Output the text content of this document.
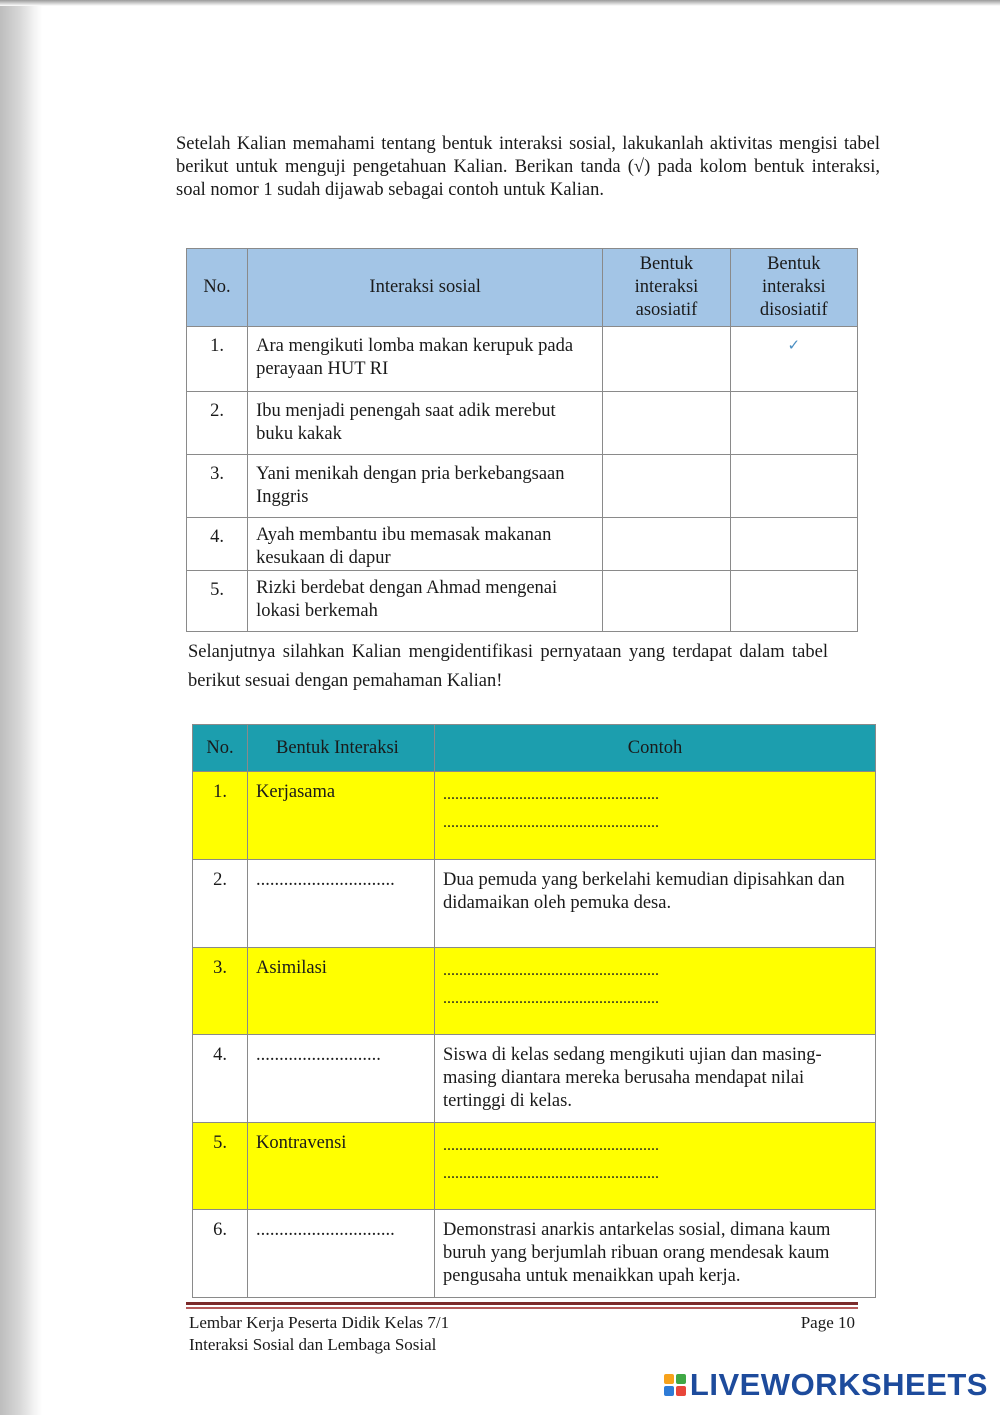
Setelah Kalian memahami tentang bentuk interaksi sosial, lakukanlah aktivitas mengisi tabel berikut untuk menguji pengetahuan Kalian. Berikan tanda (√) pada kolom bentuk interaksi, soal nomor 1 sudah dijawab sebagai contoh untuk Kalian.
No.	Interaksi sosial	Bentuk interaksi asosiatif	Bentuk interaksi disosiatif
1.	Ara mengikuti lomba makan kerupuk pada perayaan HUT RI		✓
2.	Ibu menjadi penengah saat adik merebut buku kakak		
3.	Yani menikah dengan pria berkebangsaan Inggris		
4.	Ayah membantu ibu memasak makanan kesukaan di dapur		
5.	Rizki berdebat dengan Ahmad mengenai lokasi berkemah		
Selanjutnya silahkan Kalian mengidentifikasi pernyataan yang terdapat dalam tabel berikut sesuai dengan pemahaman Kalian!
No.	Bentuk Interaksi	Contoh
1.	Kerjasama	......................................................
......................................................

2.	..............................	Dua pemuda yang berkelahi kemudian dipisahkan dan didamaikan oleh pemuka desa.
3.	Asimilasi	......................................................
......................................................

4.	...........................	Siswa di kelas sedang mengikuti ujian dan masing-masing diantara mereka berusaha mendapat nilai tertinggi di kelas.
5.	Kontravensi	......................................................
......................................................

6.	..............................	Demonstrasi anarkis antarkelas sosial, dimana kaum buruh yang berjumlah ribuan orang mendesak kaum pengusaha untuk menaikkan upah kerja.
Lembar Kerja Peserta Didik Kelas 7/1
Interaksi Sosial dan Lembaga Sosial
Page 10
LIVEWORKSHEETS
